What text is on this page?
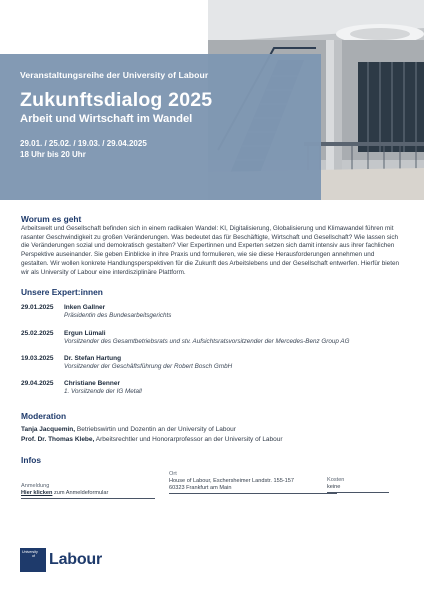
Veranstaltungsreihe der University of Labour
Zukunftsdialog 2025
Arbeit und Wirtschaft im Wandel
29.01. / 25.02. / 19.03. / 29.04.2025
18 Uhr bis 20 Uhr
Worum es geht

Arbeitswelt und Gesellschaft befinden sich in einem radikalen Wandel: KI, Digitalisierung, Globalisierung und Klimawandel führen mit rasanter Geschwindigkeit zu großen Veränderungen. Was bedeutet das für Beschäftigte, Wirtschaft und Gesellschaft? Wie lassen sich die Veränderungen sozial und demokratisch gestalten? Vier Expertinnen und Experten setzen sich damit intensiv aus ihrer fachlichen Perspektive auseinander. Sie geben Einblicke in ihre Praxis und formulieren, wie sie diese Herausforderungen annehmen und gestalten. Wir wollen konkrete Handlungsperspektiven für die Zukunft des Arbeitslebens und der Gesellschaft entwerfen. Hierfür bieten wir als University of Labour eine interdisziplinäre Plattform.

Unsere Expert:innen
29.01.2025	Inken Gallner
Präsidentin des Bundesarbeitsgerichts
25.02.2025	Ergun Lümali
Vorsitzender des Gesamtbetriebsrats und stv. Aufsichtsratsvorsitzender der Mercedes-Benz Group AG
19.03.2025	Dr. Stefan Hartung
Vorsitzender der Geschäftsführung der Robert Bosch GmbH
29.04.2025	Christiane Benner
1. Vorsitzende der IG Metall
Moderation
Tanja Jacquemin, Betriebswirtin und Dozentin an der University of Labour
Prof. Dr. Thomas Klebe, Arbeitsrechtler und Honorarprofessor an der University of Labour
Infos
Anmeldung
Hier klicken zum Anmeldeformular
Ort
House of Labour, Eschersheimer Landstr. 155-157
60323 Frankfurt am Main
Kosten
keine
University
of Labour
